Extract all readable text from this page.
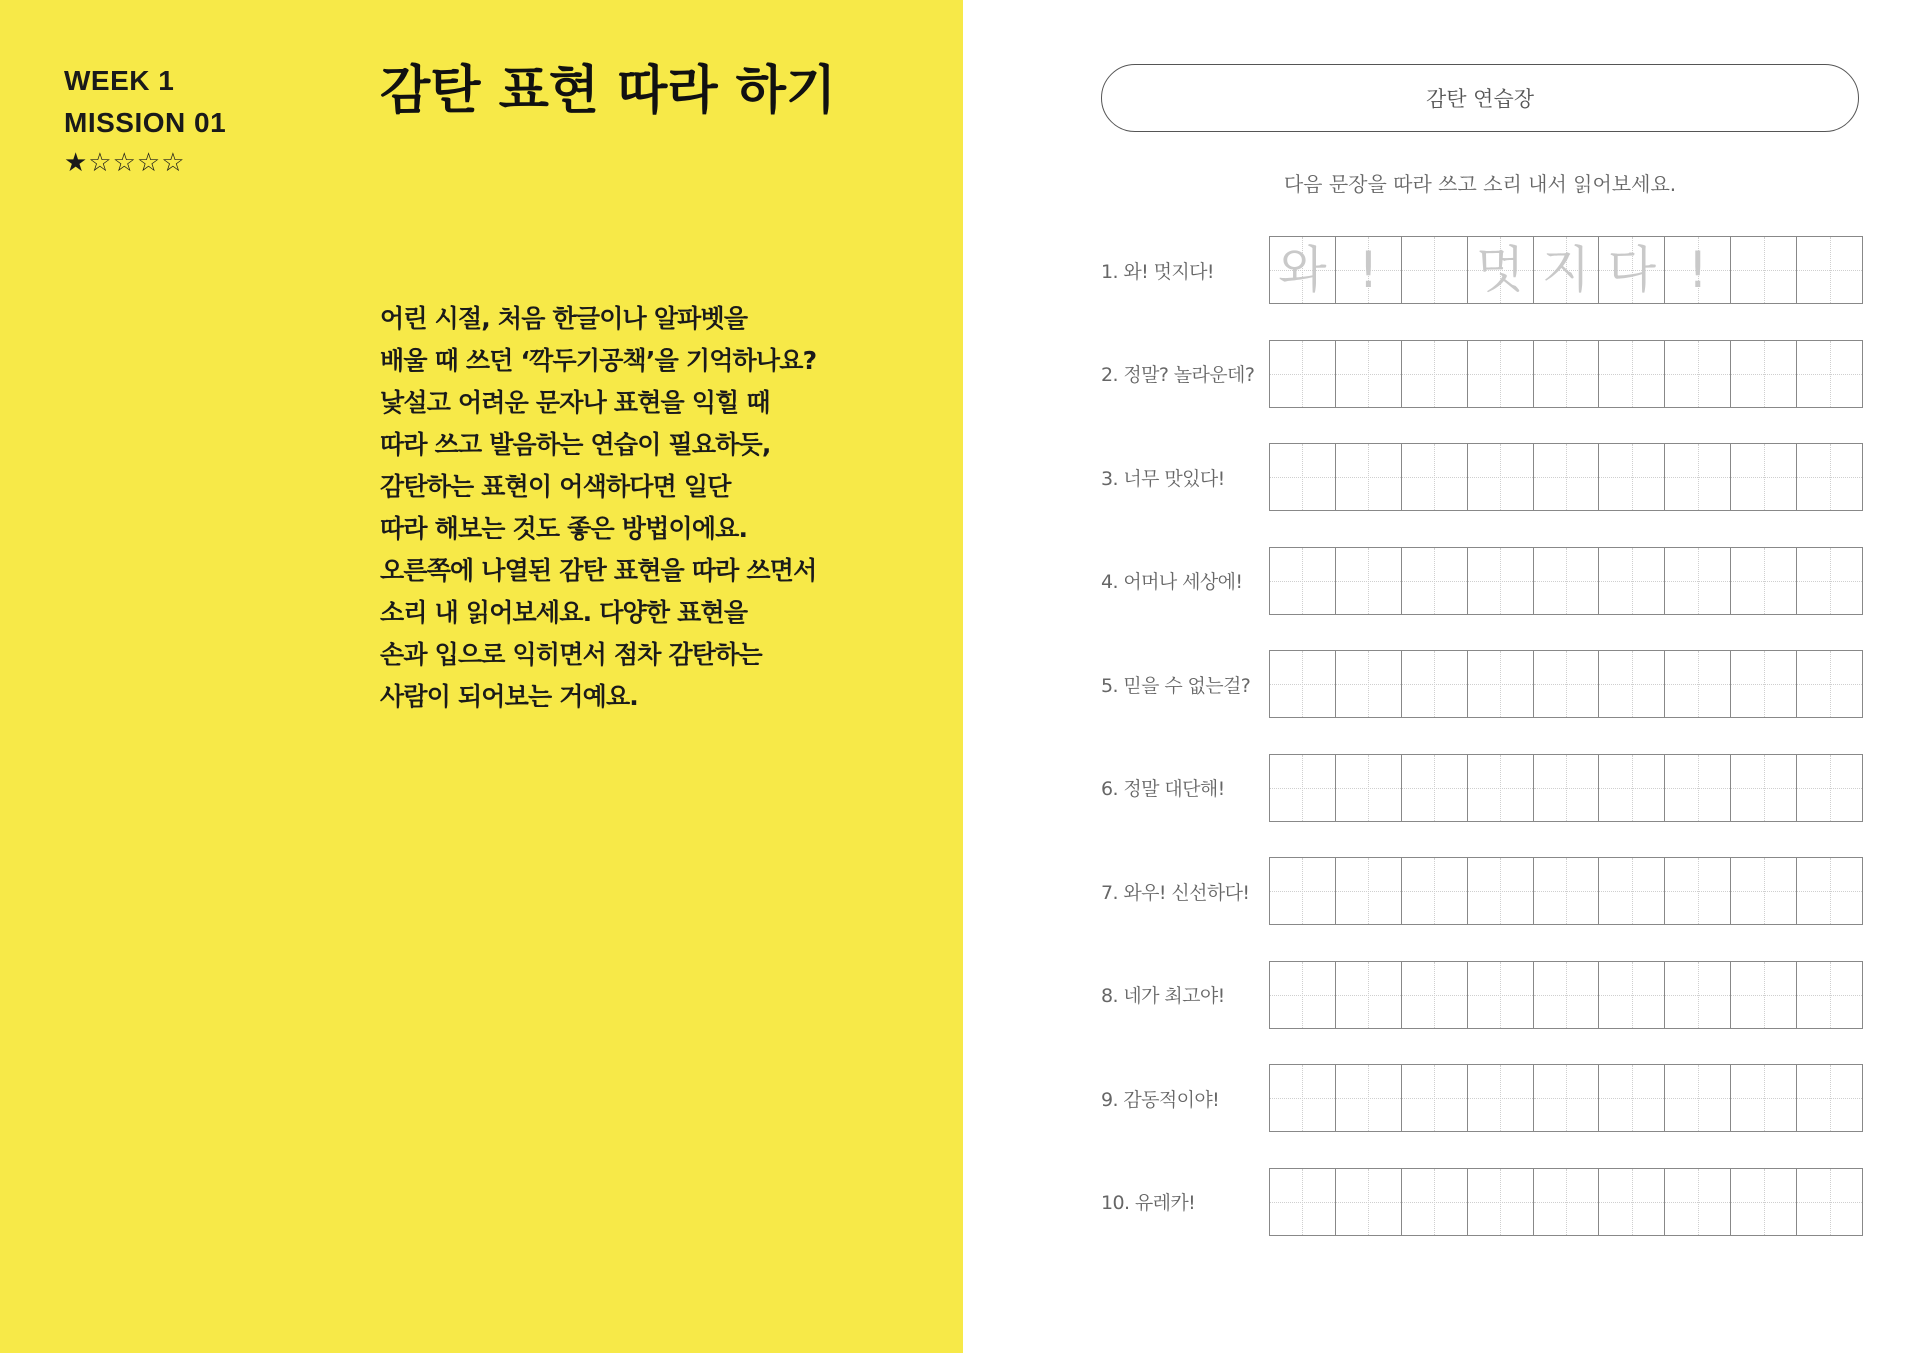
WEEK 1
MISSION 01
★☆☆☆☆
감탄 표현 따라 하기
어린 시절, 처음 한글이나 알파벳을
배울 때 쓰던 ‘깍두기공책’을 기억하나요?
낯설고 어려운 문자나 표현을 익힐 때
따라 쓰고 발음하는 연습이 필요하듯,
감탄하는 표현이 어색하다면 일단
따라 해보는 것도 좋은 방법이에요.
오른쪽에 나열된 감탄 표현을 따라 쓰면서
소리 내 읽어보세요. 다양한 표현을
손과 입으로 익히면서 점차 감탄하는
사람이 되어보는 거예요.
감탄 연습장
다음 문장을 따라 쓰고 소리 내서 읽어보세요.
1. 와! 멋지다! 와 ! 멋 지 다 !
2. 정말? 놀라운데?
3. 너무 맛있다!
4. 어머나 세상에!
5. 믿을 수 없는걸?
6. 정말 대단해!
7. 와우! 신선하다!
8. 네가 최고야!
9. 감동적이야!
10. 유레카!
